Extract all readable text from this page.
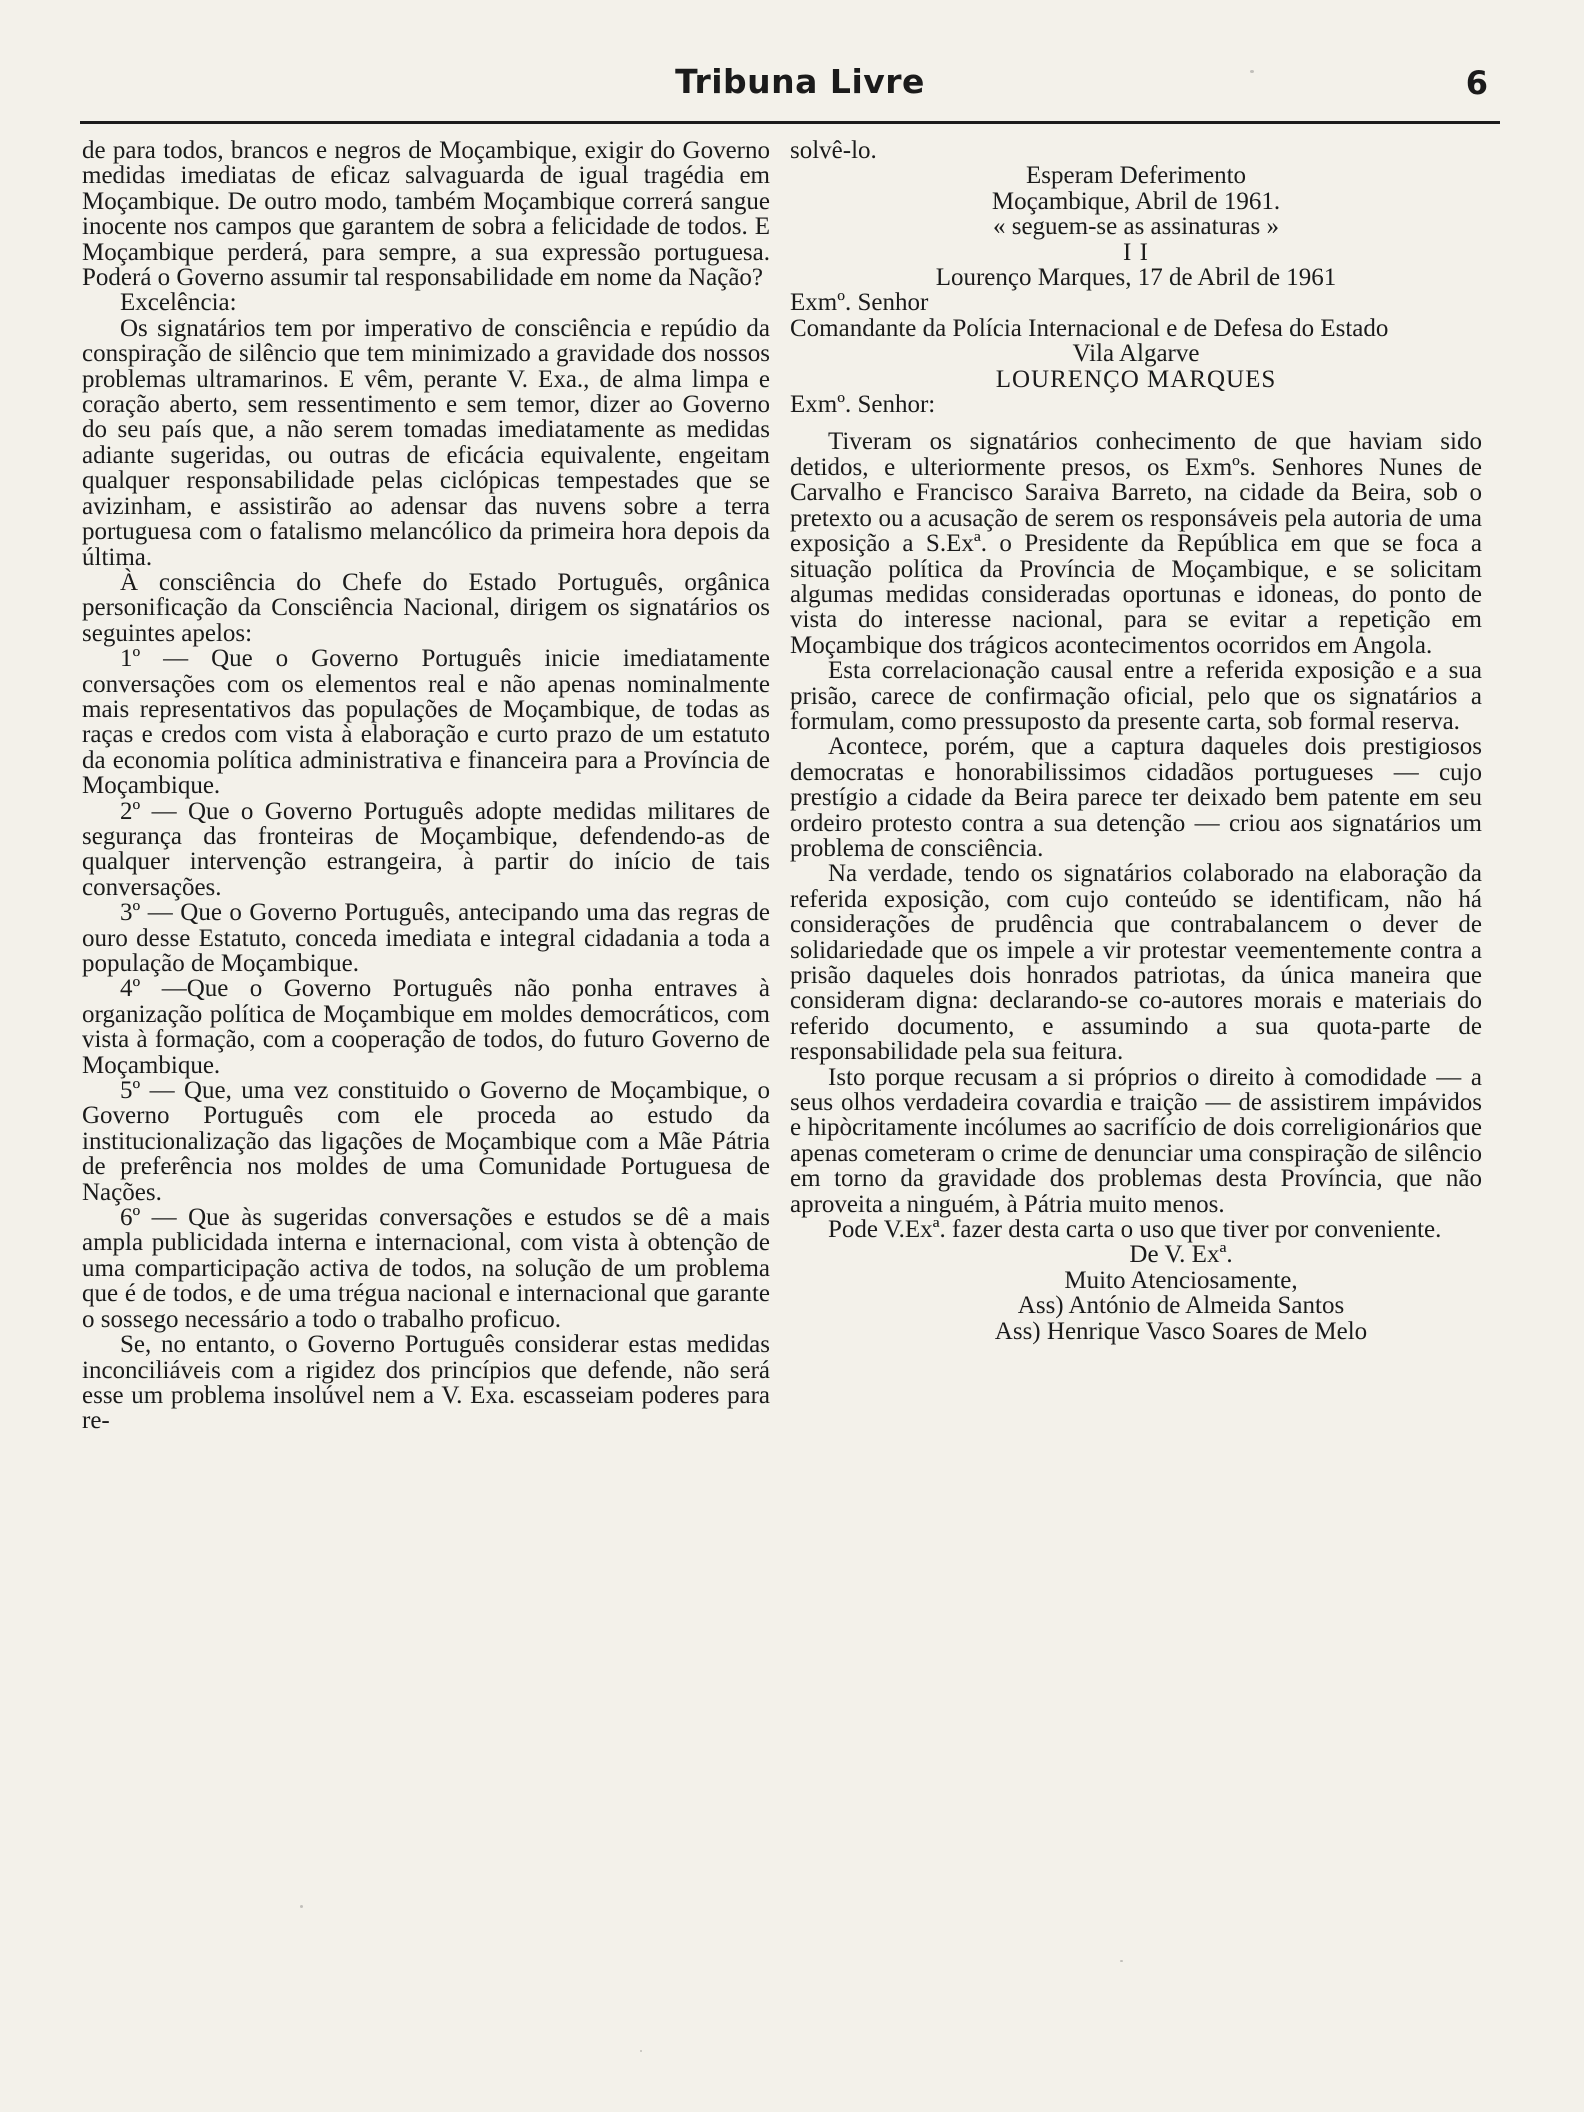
Tribuna Livre	6

de para todos, brancos e negros de Moçambique, exigir do Governo medidas imediatas de eficaz salvaguarda de igual tragédia em Moçambique. De outro modo, também Moçambique correrá sangue inocente nos campos que garantem de sobra a felicidade de todos. E Moçambique perderá, para sempre, a sua expressão portuguesa. Poderá o Governo assumir tal responsabilidade em nome da Nação?

Excelência:

Os signatários tem por imperativo de consciência e repúdio da conspiração de silêncio que tem minimizado a gravidade dos nossos problemas ultramarinos. E vêm, perante V. Exa., de alma limpa e coração aberto, sem ressentimento e sem temor, dizer ao Governo do seu país que, a não serem tomadas imediatamente as medidas adiante sugeridas, ou outras de eficácia equivalente, engeitam qualquer responsabilidade pelas ciclópicas tempestades que se avizinham, e assistirão ao adensar das nuvens sobre a terra portuguesa com o fatalismo melancólico da primeira hora depois da última.

À consciência do Chefe do Estado Português, orgânica personificação da Consciência Nacional, dirigem os signatários os seguintes apelos:

1º — Que o Governo Português inicie imediatamente conversações com os elementos real e não apenas nominalmente mais representativos das populações de Moçambique, de todas as raças e credos com vista à elaboração e curto prazo de um estatuto da economia política administrativa e financeira para a Província de Moçambique.

2º — Que o Governo Português adopte medidas militares de segurança das fronteiras de Moçambique, defendendo-as de qualquer intervenção estrangeira, à partir do início de tais conversações.

3º — Que o Governo Português, antecipando uma das regras de ouro desse Estatuto, conceda imediata e integral cidadania a toda a população de Moçambique.

4º —Que o Governo Português não ponha entraves à organização política de Moçambique em moldes democráticos, com vista à formação, com a cooperação de todos, do futuro Governo de Moçambique.

5º — Que, uma vez constituido o Governo de Moçambique, o Governo Português com ele proceda ao estudo da institucionalização das ligações de Moçambique com a Mãe Pátria de preferência nos moldes de uma Comunidade Portuguesa de Nações.

6º — Que às sugeridas conversações e estudos se dê a mais ampla publicidada interna e internacional, com vista à obtenção de uma comparticipação activa de todos, na solução de um problema que é de todos, e de uma trégua nacional e internacional que garante o sossego necessário a todo o trabalho proficuo.

Se, no entanto, o Governo Português considerar estas medidas inconciliáveis com a rigidez dos princípios que defende, não será esse um problema insolúvel nem a V. Exa. escasseiam poderes para re-

solvê-lo.

Esperam Deferimento

Moçambique, Abril de 1961.

« seguem-se as assinaturas »

I I

Lourenço Marques, 17 de Abril de 1961

Exmº. Senhor

Comandante da Polícia Internacional e de Defesa do Estado

Vila Algarve

LOURENÇO MARQUES

Exmº. Senhor:

Tiveram os signatários conhecimento de que haviam sido detidos, e ulteriormente presos, os Exmºs. Senhores Nunes de Carvalho e Francisco Saraiva Barreto, na cidade da Beira, sob o pretexto ou a acusação de serem os responsáveis pela autoria de uma exposição a S.Exª. o Presidente da República em que se foca a situação política da Província de Moçambique, e se solicitam algumas medidas consideradas oportunas e idoneas, do ponto de vista do interesse nacional, para se evitar a repetição em Moçambique dos trágicos acontecimentos ocorridos em Angola.

Esta correlacionação causal entre a referida exposição e a sua prisão, carece de confirmação oficial, pelo que os signatários a formulam, como pressuposto da presente carta, sob formal reserva.

Acontece, porém, que a captura daqueles dois prestigiosos democratas e honorabilissimos cidadãos portugueses — cujo prestígio a cidade da Beira parece ter deixado bem patente em seu ordeiro protesto contra a sua detenção — criou aos signatários um problema de consciência.

Na verdade, tendo os signatários colaborado na elaboração da referida exposição, com cujo conteúdo se identificam, não há considerações de prudência que contrabalancem o dever de solidariedade que os impele a vir protestar veementemente contra a prisão daqueles dois honrados patriotas, da única maneira que consideram digna: declarando-se co-autores morais e materiais do referido documento, e assumindo a sua quota-parte de responsabilidade pela sua feitura.

Isto porque recusam a si próprios o direito à comodidade — a seus olhos verdadeira covardia e traição — de assistirem impávidos e hipòcritamente incólumes ao sacrifício de dois correligionários que apenas cometeram o crime de denunciar uma conspiração de silêncio em torno da gravidade dos problemas desta Província, que não aproveita a ninguém, à Pátria muito menos.

Pode V.Exª. fazer desta carta o uso que tiver por conveniente.

De V. Exª.

Muito Atenciosamente,

Ass) António de Almeida Santos

Ass) Henrique Vasco Soares de Melo
